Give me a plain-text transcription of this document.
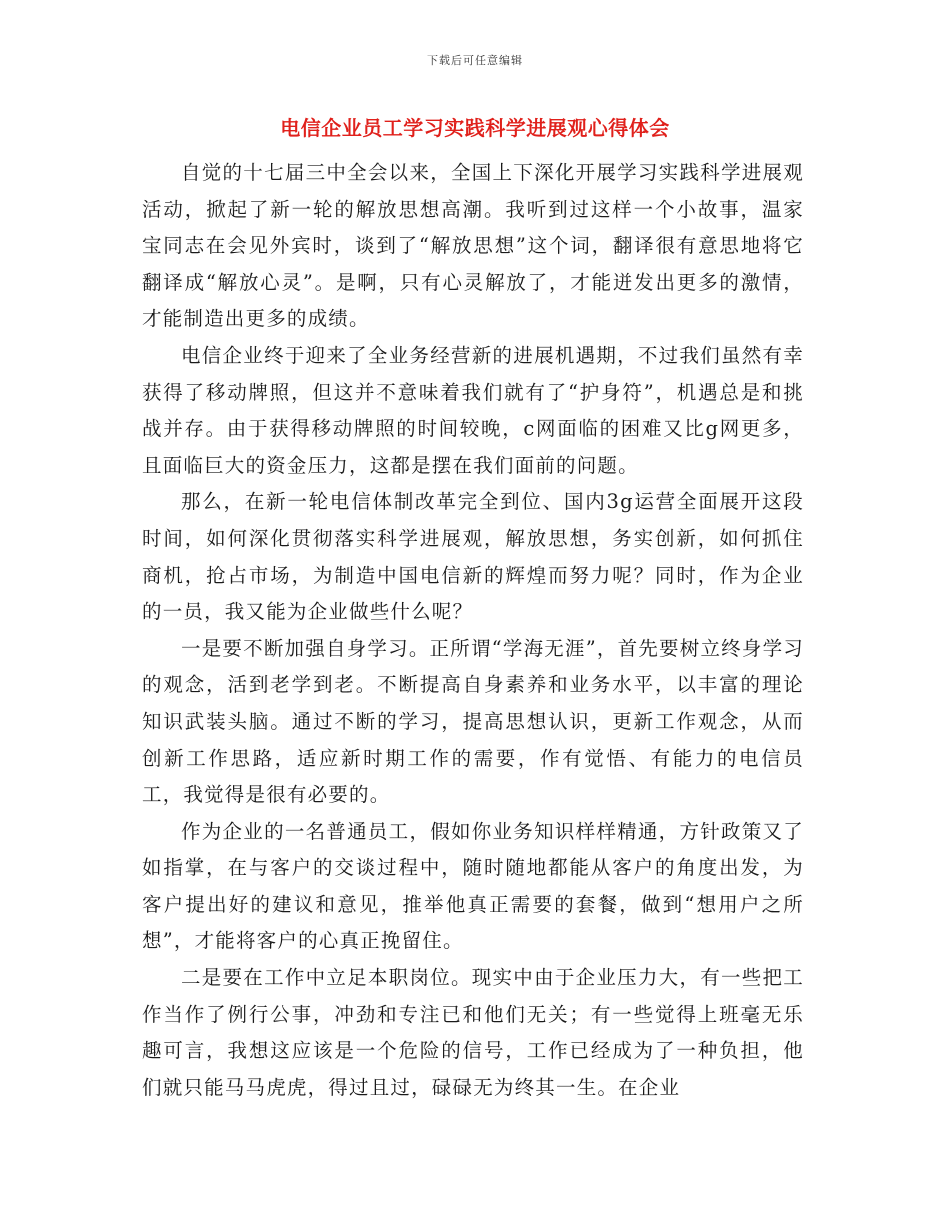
下载后可任意编辑
电信企业员工学习实践科学进展观心得体会

自觉的十七届三中全会以来，全国上下深化开展学习实践科学进展观活动，掀起了新一轮的解放思想高潮。我听到过这样一个小故事，温家宝同志在会见外宾时，谈到了“解放思想”这个词，翻译很有意思地将它翻译成“解放心灵”。是啊，只有心灵解放了，才能迸发出更多的激情，才能制造出更多的成绩。

电信企业终于迎来了全业务经营新的进展机遇期，不过我们虽然有幸获得了移动牌照，但这并不意味着我们就有了“护身符”，机遇总是和挑战并存。由于获得移动牌照的时间较晚，c网面临的困难又比g网更多，且面临巨大的资金压力，这都是摆在我们面前的问题。

那么，在新一轮电信体制改革完全到位、国内3g运营全面展开这段时间，如何深化贯彻落实科学进展观，解放思想，务实创新，如何抓住商机，抢占市场，为制造中国电信新的辉煌而努力呢？同时，作为企业的一员，我又能为企业做些什么呢？

一是要不断加强自身学习。正所谓“学海无涯”，首先要树立终身学习的观念，活到老学到老。不断提高自身素养和业务水平，以丰富的理论知识武装头脑。通过不断的学习，提高思想认识，更新工作观念，从而创新工作思路，适应新时期工作的需要，作有觉悟、有能力的电信员工，我觉得是很有必要的。

作为企业的一名普通员工，假如你业务知识样样精通，方针政策又了如指掌，在与客户的交谈过程中，随时随地都能从客户的角度出发，为客户提出好的建议和意见，推举他真正需要的套餐，做到“想用户之所想”，才能将客户的心真正挽留住。

二是要在工作中立足本职岗位。现实中由于企业压力大，有一些把工作当作了例行公事，冲劲和专注已和他们无关；有一些觉得上班毫无乐趣可言，我想这应该是一个危险的信号，工作已经成为了一种负担，他们就只能马马虎虎，得过且过，碌碌无为终其一生。在企业
